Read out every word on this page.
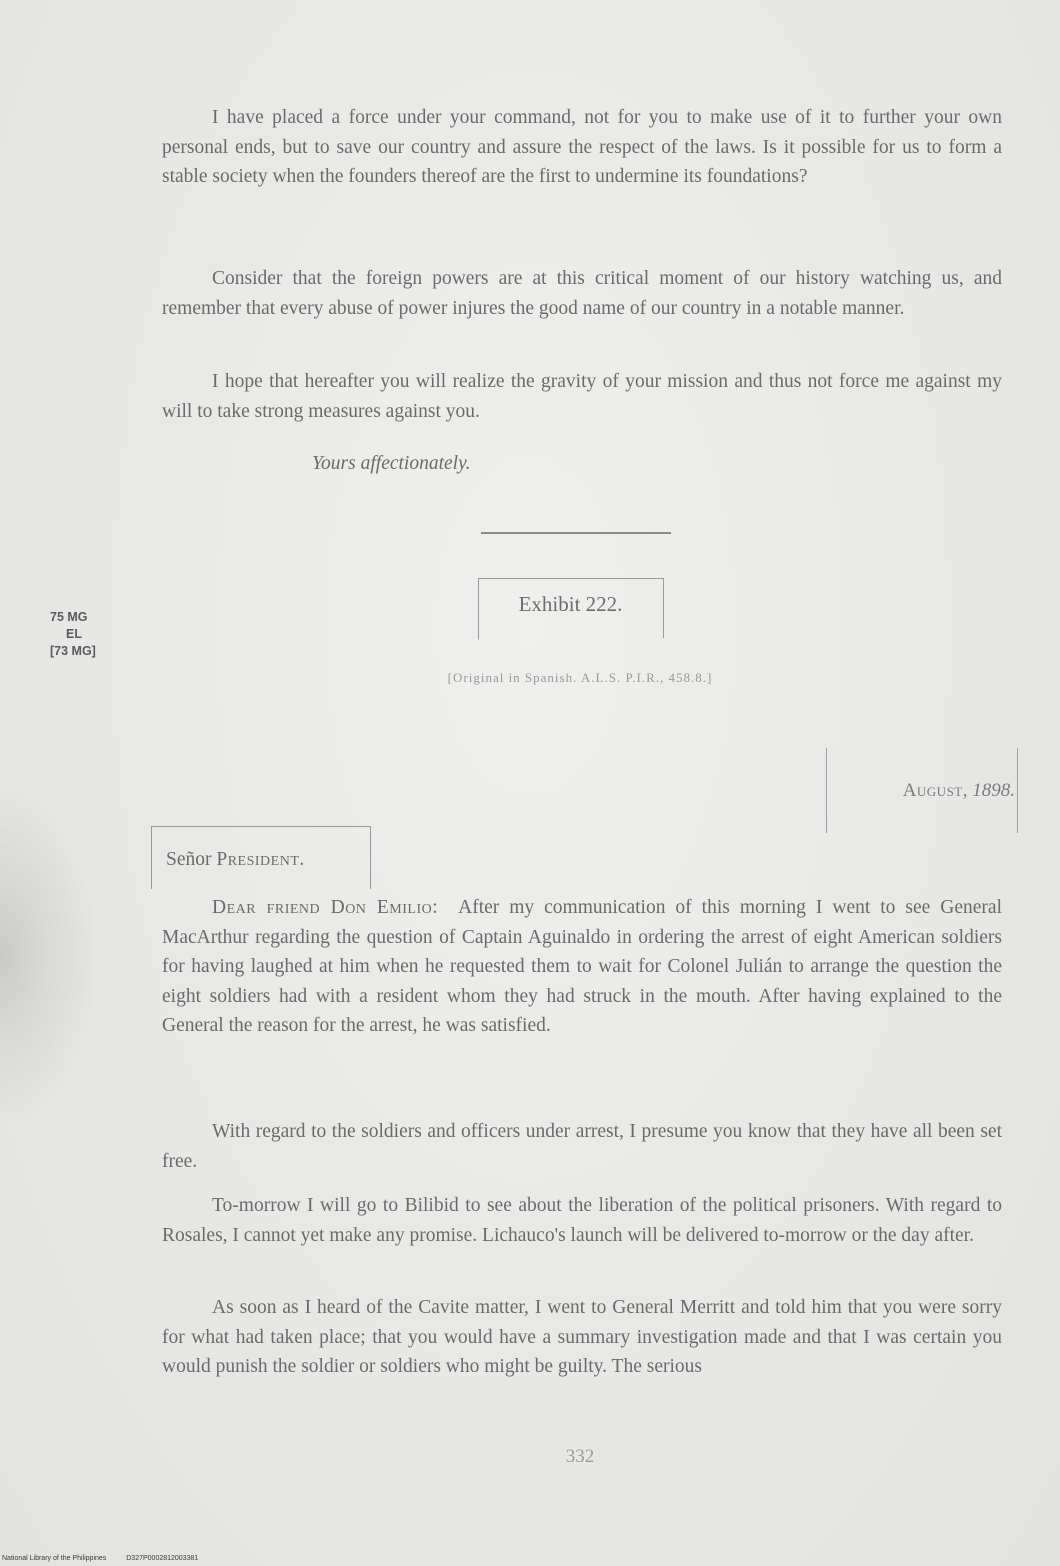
I have placed a force under your command, not for you to make use of it to further your own personal ends, but to save our country and assure the respect of the laws. Is it possible for us to form a stable society when the founders thereof are the first to undermine its foundations?

Consider that the foreign powers are at this critical moment of our history watching us, and remember that every abuse of power injures the good name of our country in a notable manner.

I hope that hereafter you will realize the gravity of your mission and thus not force me against my will to take strong measures against you.

Yours affectionately.

Exhibit 222.
[Original in Spanish. A.L.S. P.I.R., 458.8.]
75 MG
EL
[73 MG]
August, 1898.
Señor President.

Dear friend Don Emilio: After my communication of this morning I went to see General MacArthur regarding the question of Captain Aguinaldo in ordering the arrest of eight American soldiers for having laughed at him when he requested them to wait for Colonel Julián to arrange the question the eight soldiers had with a resident whom they had struck in the mouth. After having explained to the General the reason for the arrest, he was satisfied.

With regard to the soldiers and officers under arrest, I presume you know that they have all been set free.

To-morrow I will go to Bilibid to see about the liberation of the political prisoners. With regard to Rosales, I cannot yet make any promise. Lichauco's launch will be delivered to-morrow or the day after.

As soon as I heard of the Cavite matter, I went to General Merritt and told him that you were sorry for what had taken place; that you would have a summary investigation made and that I was certain you would punish the soldier or soldiers who might be guilty. The serious

332
National Library of the Philippines	D327P0002812003381
